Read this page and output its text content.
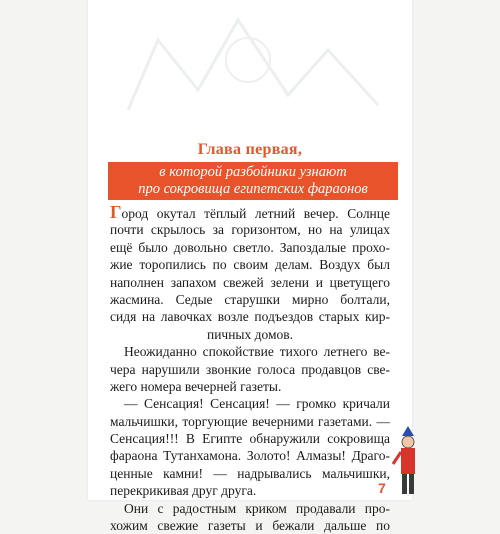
Глава первая,
в которой разбойники узнают
про сокровища египетских фараонов
Город окутал тёплый летний вечер. Солнце
почти скрылось за горизонтом, но на улицах
ещё было довольно светло. Запоздалые прохо-
жие торопились по своим делам. Воздух был
наполнен запахом свежей зелени и цветущего
жасмина. Седые старушки мирно болтали,
сидя на лавочках возле подъездов старых кир-
пичных домов.
Неожиданно спокойствие тихого летнего ве-
чера нарушили звонкие голоса продавцов све-
жего номера вечерней газеты.
— Сенсация! Сенсация! — громко кричали
мальчишки, торгующие вечерними газетами. —
Сенсация!!! В Египте обнаружили сокровища
фараона Тутанхамона. Золото! Алмазы! Драго-
ценные камни! — надрывались мальчишки,
перекрикивая друг друга.
Они с радостным криком продавали про-
хожим свежие газеты и бежали дальше по
7
